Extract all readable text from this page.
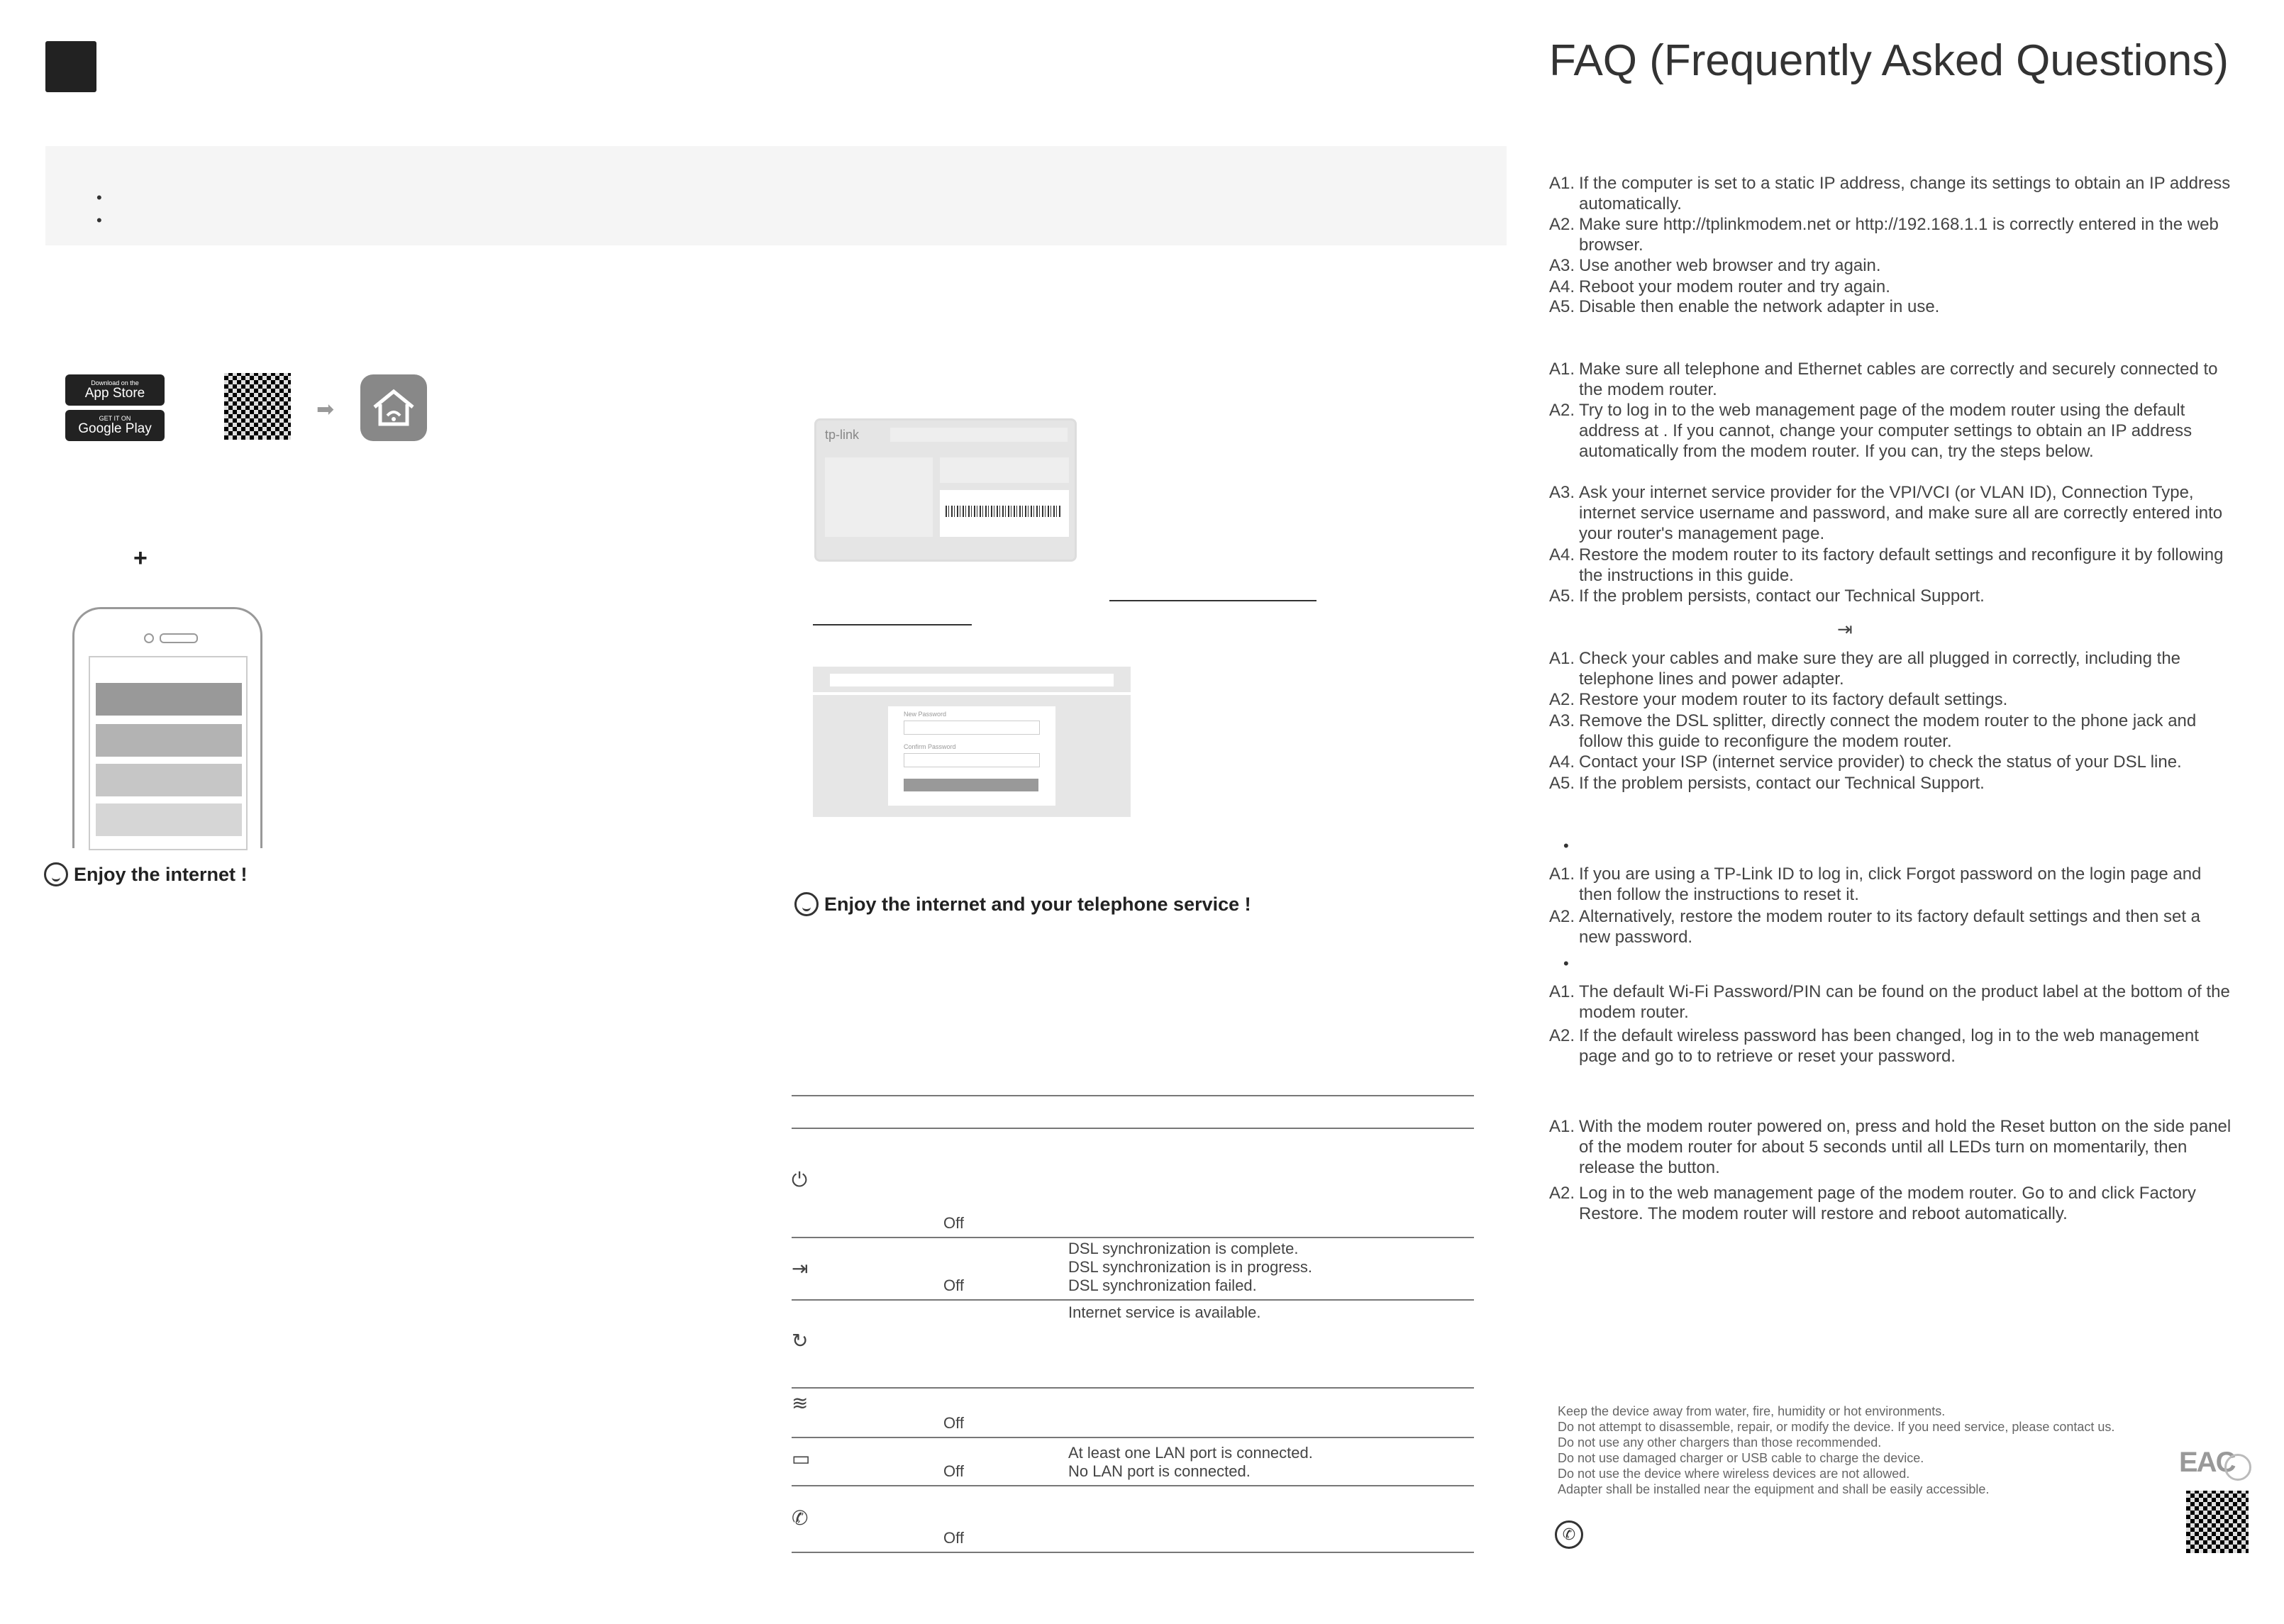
•
•
Download on the
App Store
GET IT ON
Google Play
➡
+
Enjoy the internet !
tp-link
New Password
Confirm Password
Enjoy the internet and your telephone service !
⏻
Off
⇥
Off
DSL synchronization is complete.
DSL synchronization is in progress.
DSL synchronization failed.
↻
Internet service is available.
≋
Off
▭
Off
At least one LAN port is connected.
No LAN port is connected.
✆
Off
FAQ (Frequently Asked Questions)
A1. If the computer is set to a static IP address, change its settings to obtain an IP address automatically.
A2. Make sure http://tplinkmodem.net or http://192.168.1.1 is correctly entered in the web browser.
A3. Use another web browser and try again.
A4. Reboot your modem router and try again.
A5. Disable then enable the network adapter in use.
A1. Make sure all telephone and Ethernet cables are correctly and securely connected to the modem router.
A2. Try to log in to the web management page of the modem router using the default address at . If you cannot, change your computer settings to obtain an IP address automatically from the modem router. If you can, try the steps below.
A3. Ask your internet service provider for the VPI/VCI (or VLAN ID), Connection Type, internet service username and password, and make sure all are correctly entered into your router's management page.
A4. Restore the modem router to its factory default settings and reconfigure it by following the instructions in this guide.
A5. If the problem persists, contact our Technical Support.
⇥
A1. Check your cables and make sure they are all plugged in correctly, including the telephone lines and power adapter.
A2. Restore your modem router to its factory default settings.
A3. Remove the DSL splitter, directly connect the modem router to the phone jack and follow this guide to reconfigure the modem router.
A4. Contact your ISP (internet service provider) to check the status of your DSL line.
A5. If the problem persists, contact our Technical Support.
•
A1. If you are using a TP-Link ID to log in, click Forgot password on the login page and then follow the instructions to reset it.
A2. Alternatively, restore the modem router to its factory default settings and then set a new password.
•
A1. The default Wi-Fi Password/PIN can be found on the product label at the bottom of the modem router.
A2. If the default wireless password has been changed, log in to the web management page and go to to retrieve or reset your password.
A1. With the modem router powered on, press and hold the Reset button on the side panel of the modem router for about 5 seconds until all LEDs turn on momentarily, then release the button.
A2.Log in to the web management page of the modem router. Go to and click Factory Restore. The modem router will restore and reboot automatically.
Keep the device away from water, fire, humidity or hot environments.
Do not attempt to disassemble, repair, or modify the device. If you need service, please contact us.
Do not use any other chargers than those recommended.
Do not use damaged charger or USB cable to charge the device.
Do not use the device where wireless devices are not allowed.
Adapter shall be installed near the equipment and shall be easily accessible.
✆
EAC
